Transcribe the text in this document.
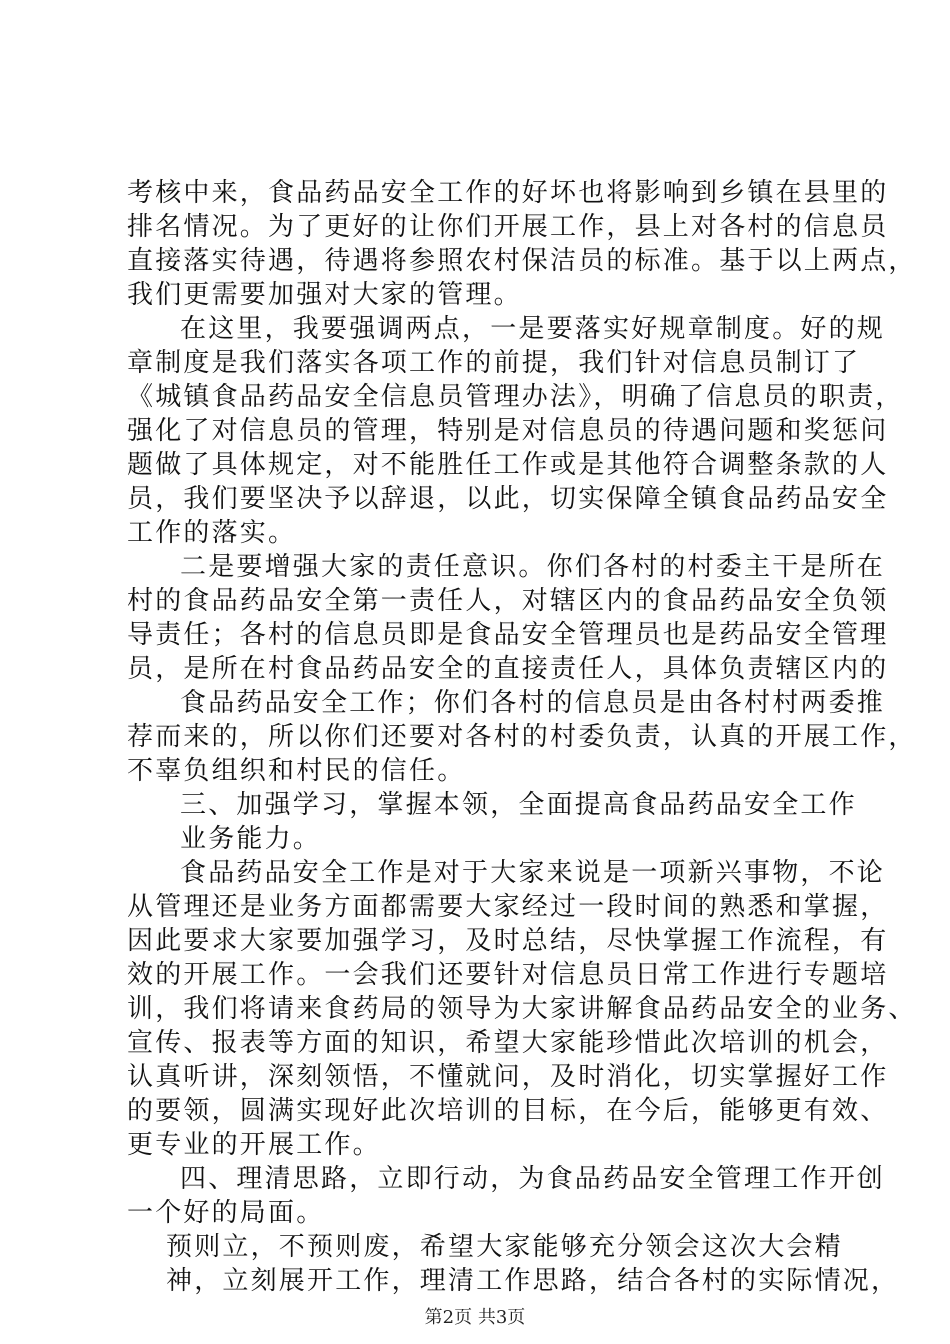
考核中来，食品药品安全工作的好坏也将影响到乡镇在县里的
排名情况。为了更好的让你们开展工作，县上对各村的信息员
直接落实待遇，待遇将参照农村保洁员的标准。基于以上两点，
我们更需要加强对大家的管理。
在这里，我要强调两点，一是要落实好规章制度。好的规
章制度是我们落实各项工作的前提，我们针对信息员制订了
《城镇食品药品安全信息员管理办法》，明确了信息员的职责，
强化了对信息员的管理，特别是对信息员的待遇问题和奖惩问
题做了具体规定，对不能胜任工作或是其他符合调整条款的人
员，我们要坚决予以辞退，以此，切实保障全镇食品药品安全
工作的落实。
二是要增强大家的责任意识。你们各村的村委主干是所在
村的食品药品安全第一责任人，对辖区内的食品药品安全负领
导责任；各村的信息员即是食品安全管理员也是药品安全管理
员，是所在村食品药品安全的直接责任人，具体负责辖区内的
食品药品安全工作；你们各村的信息员是由各村村两委推
荐而来的，所以你们还要对各村的村委负责，认真的开展工作，
不辜负组织和村民的信任。
三、加强学习，掌握本领，全面提高食品药品安全工作
业务能力。
食品药品安全工作是对于大家来说是一项新兴事物，不论
从管理还是业务方面都需要大家经过一段时间的熟悉和掌握，
因此要求大家要加强学习，及时总结，尽快掌握工作流程，有
效的开展工作。一会我们还要针对信息员日常工作进行专题培
训，我们将请来食药局的领导为大家讲解食品药品安全的业务、
宣传、报表等方面的知识，希望大家能珍惜此次培训的机会，
认真听讲，深刻领悟，不懂就问，及时消化，切实掌握好工作
的要领，圆满实现好此次培训的目标，在今后，能够更有效、
更专业的开展工作。
四、理清思路，立即行动，为食品药品安全管理工作开创
一个好的局面。
预则立，不预则废，希望大家能够充分领会这次大会精
神，立刻展开工作，理清工作思路，结合各村的实际情况，
第2页 共3页
